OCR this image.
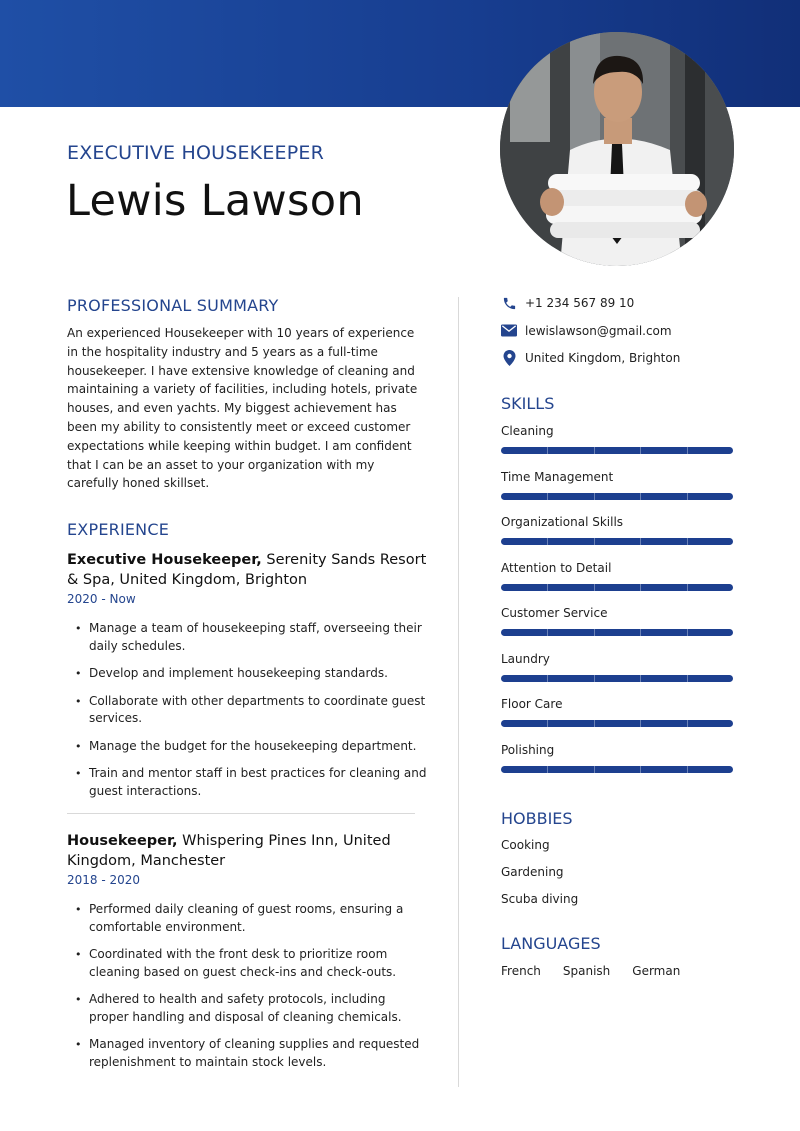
EXECUTIVE HOUSEKEEPER
Lewis Lawson
PROFESSIONAL SUMMARY

An experienced Housekeeper with 10 years of experience in the hospitality industry and 5 years as a full-time housekeeper. I have extensive knowledge of cleaning and maintaining a variety of facilities, including hotels, private houses, and even yachts. My biggest achievement has been my ability to consistently meet or exceed customer expectations while keeping within budget. I am confident that I can be an asset to your organization with my carefully honed skillset.

EXPERIENCE
Executive Housekeeper, Serenity Sands Resort & Spa, United Kingdom, Brighton
2020 - Now
• Manage a team of housekeeping staff, overseeing their daily schedules.
• Develop and implement housekeeping standards.
• Collaborate with other departments to coordinate guest services.
• Manage the budget for the housekeeping department.
• Train and mentor staff in best practices for cleaning and guest interactions.
Housekeeper, Whispering Pines Inn, United Kingdom, Manchester
2018 - 2020
• Performed daily cleaning of guest rooms, ensuring a comfortable environment.
• Coordinated with the front desk to prioritize room cleaning based on guest check-ins and check-outs.
• Adhered to health and safety protocols, including proper handling and disposal of cleaning chemicals.
• Managed inventory of cleaning supplies and requested replenishment to maintain stock levels.
+1 234 567 89 10
lewislawson@gmail.com
United Kingdom, Brighton
SKILLS
Cleaning
Time Management
Organizational Skills
Attention to Detail
Customer Service
Laundry
Floor Care
Polishing
HOBBIES
Cooking
Gardening
Scuba diving
LANGUAGES
French Spanish German
